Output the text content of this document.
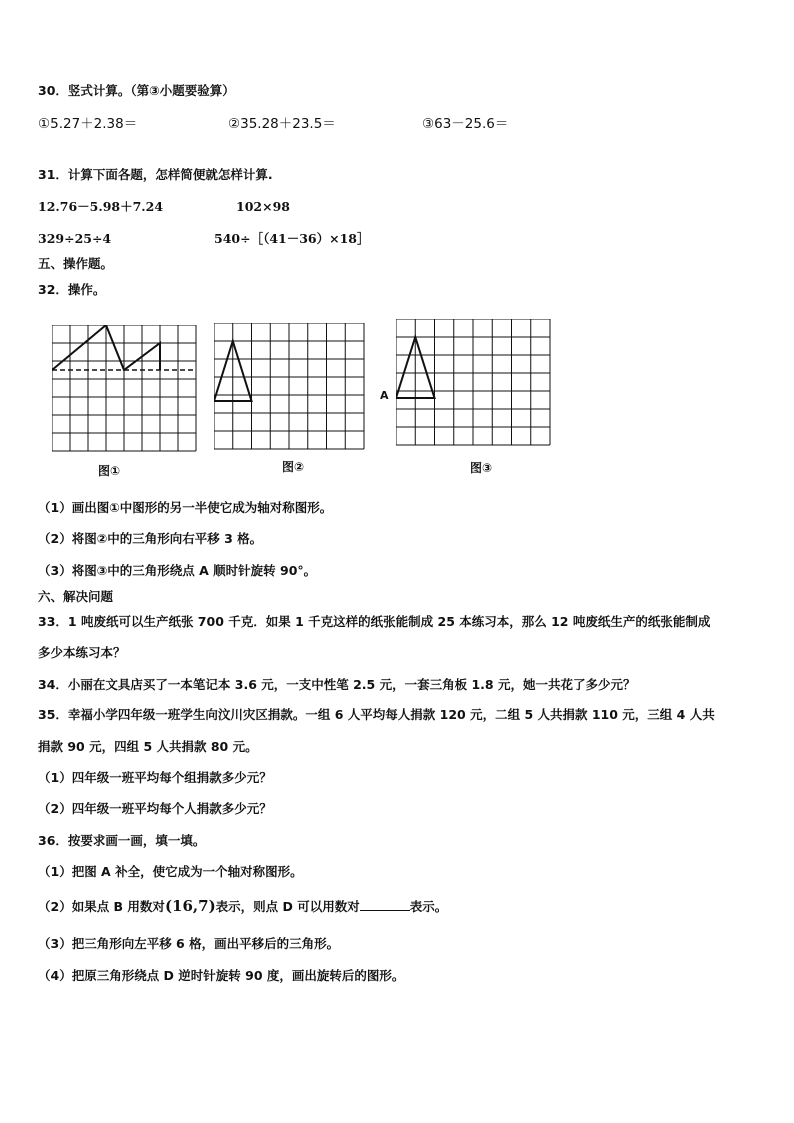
30．竖式计算。（第③小题要验算）
①5.27＋2.38＝	②35.28＋23.5＝	③63－25.6＝
31．计算下面各题，怎样简便就怎样计算.
12.76－5.98＋7.24	102×98
329÷25÷4	540÷［（41－36）×18］
五、操作题。
32．操作。
图①	图②
A
图③
（1）画出图①中图形的另一半使它成为轴对称图形。
（2）将图②中的三角形向右平移 3 格。
（3）将图③中的三角形绕点 A 顺时针旋转 90°。
六、解决问题
33．1 吨废纸可以生产纸张 700 千克．如果 1 千克这样的纸张能制成 25 本练习本，那么 12 吨废纸生产的纸张能制成
多少本练习本？
34．小丽在文具店买了一本笔记本 3.6 元，一支中性笔 2.5 元，一套三角板 1.8 元，她一共花了多少元？
35．幸福小学四年级一班学生向汶川灾区捐款。一组 6 人平均每人捐款 120 元，二组 5 人共捐款 110 元，三组 4 人共
捐款 90 元，四组 5 人共捐款 80 元。
（1）四年级一班平均每个组捐款多少元？
（2）四年级一班平均每个人捐款多少元？
36．按要求画一画，填一填。
（1）把图 A 补全，使它成为一个轴对称图形。
（2）如果点 B 用数对(16,7)表示，则点 D 可以用数对	表示。
（3）把三角形向左平移 6 格，画出平移后的三角形。
（4）把原三角形绕点 D 逆时针旋转 90 度，画出旋转后的图形。
